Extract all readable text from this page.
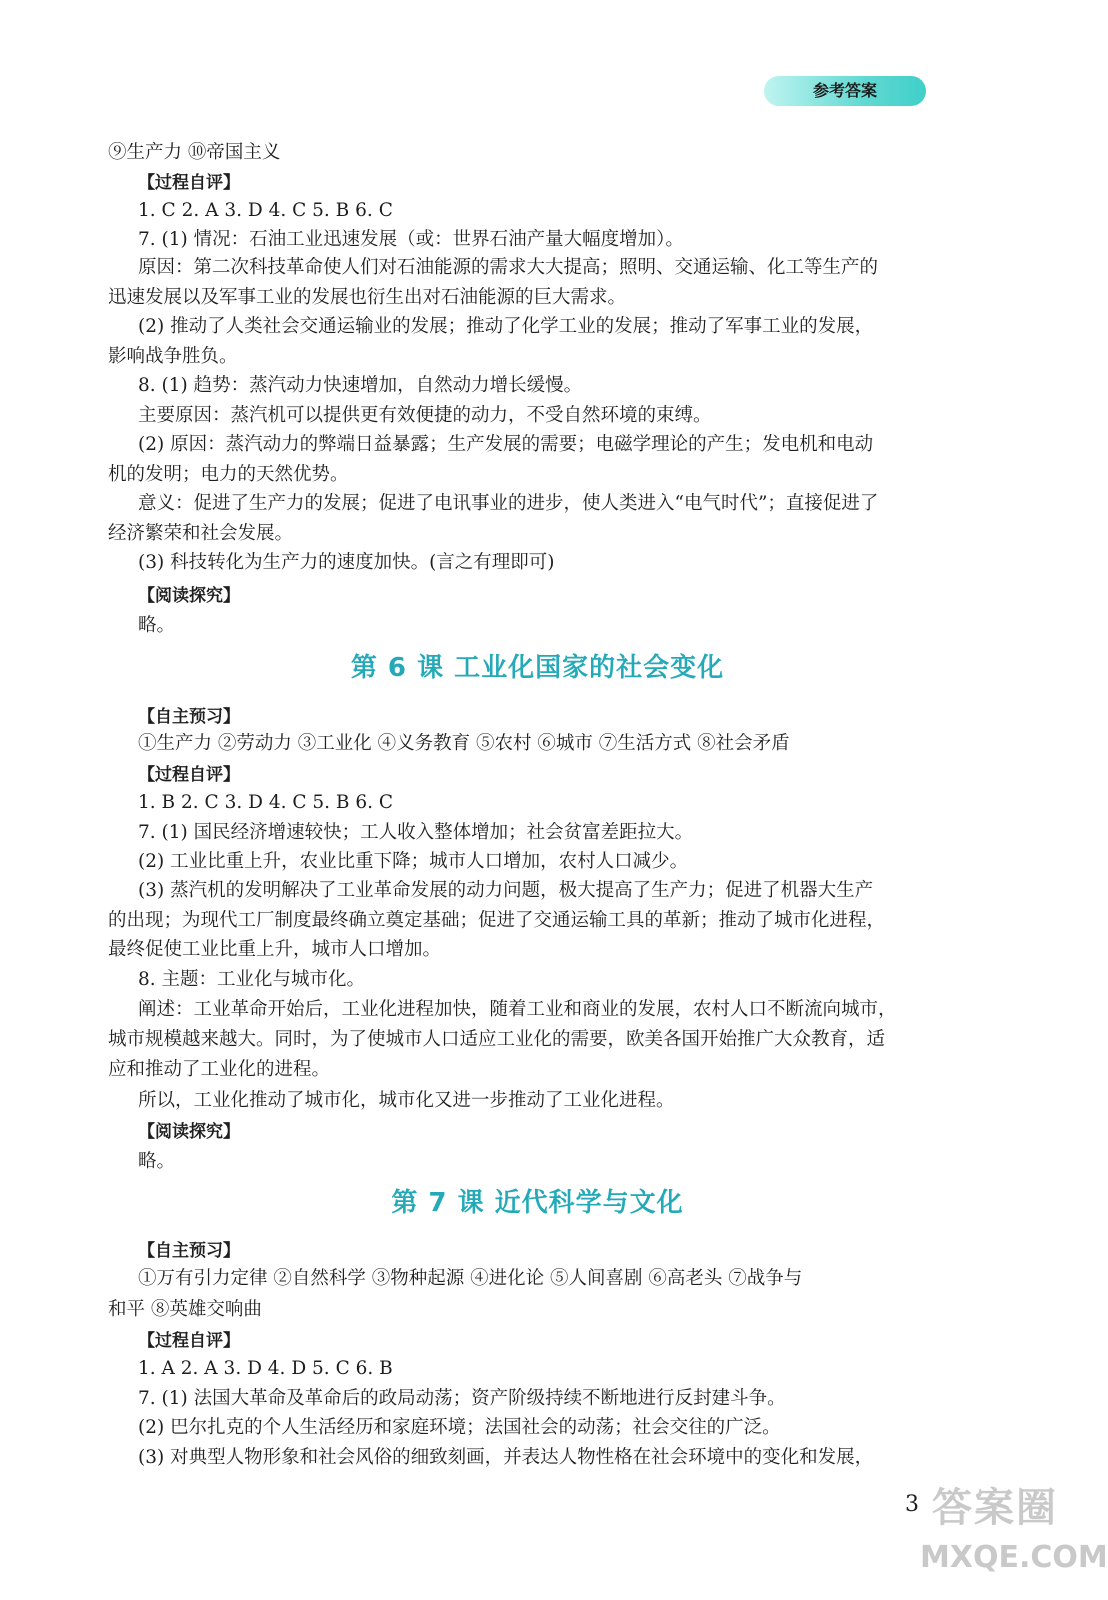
参考答案
⑨生产力 ⑩帝国主义
【过程自评】
1. C 2. A 3. D 4. C 5. B 6. C
7. (1) 情况：石油工业迅速发展（或：世界石油产量大幅度增加）。
原因：第二次科技革命使人们对石油能源的需求大大提高；照明、交通运输、化工等生产的
迅速发展以及军事工业的发展也衍生出对石油能源的巨大需求。
(2) 推动了人类社会交通运输业的发展；推动了化学工业的发展；推动了军事工业的发展，
影响战争胜负。
8. (1) 趋势：蒸汽动力快速增加，自然动力增长缓慢。
主要原因：蒸汽机可以提供更有效便捷的动力，不受自然环境的束缚。
(2) 原因：蒸汽动力的弊端日益暴露；生产发展的需要；电磁学理论的产生；发电机和电动
机的发明；电力的天然优势。
意义：促进了生产力的发展；促进了电讯事业的进步，使人类进入“电气时代”；直接促进了
经济繁荣和社会发展。
(3) 科技转化为生产力的速度加快。(言之有理即可)
【阅读探究】
略。
第 6 课 工业化国家的社会变化
【自主预习】
①生产力 ②劳动力 ③工业化 ④义务教育 ⑤农村 ⑥城市 ⑦生活方式 ⑧社会矛盾
【过程自评】
1. B 2. C 3. D 4. C 5. B 6. C
7. (1) 国民经济增速较快；工人收入整体增加；社会贫富差距拉大。
(2) 工业比重上升，农业比重下降；城市人口增加，农村人口减少。
(3) 蒸汽机的发明解决了工业革命发展的动力问题，极大提高了生产力；促进了机器大生产
的出现；为现代工厂制度最终确立奠定基础；促进了交通运输工具的革新；推动了城市化进程，
最终促使工业比重上升，城市人口增加。
8. 主题：工业化与城市化。
阐述：工业革命开始后，工业化进程加快，随着工业和商业的发展，农村人口不断流向城市，
城市规模越来越大。同时，为了使城市人口适应工业化的需要，欧美各国开始推广大众教育，适
应和推动了工业化的进程。
所以，工业化推动了城市化，城市化又进一步推动了工业化进程。
【阅读探究】
略。
第 7 课 近代科学与文化
【自主预习】
①万有引力定律 ②自然科学 ③物种起源 ④进化论 ⑤人间喜剧 ⑥高老头 ⑦战争与
和平 ⑧英雄交响曲
【过程自评】
1. A 2. A 3. D 4. D 5. C 6. B
7. (1) 法国大革命及革命后的政局动荡；资产阶级持续不断地进行反封建斗争。
(2) 巴尔扎克的个人生活经历和家庭环境；法国社会的动荡；社会交往的广泛。
(3) 对典型人物形象和社会风俗的细致刻画，并表达人物性格在社会环境中的变化和发展，
3 答案圈
MXQE.COM
